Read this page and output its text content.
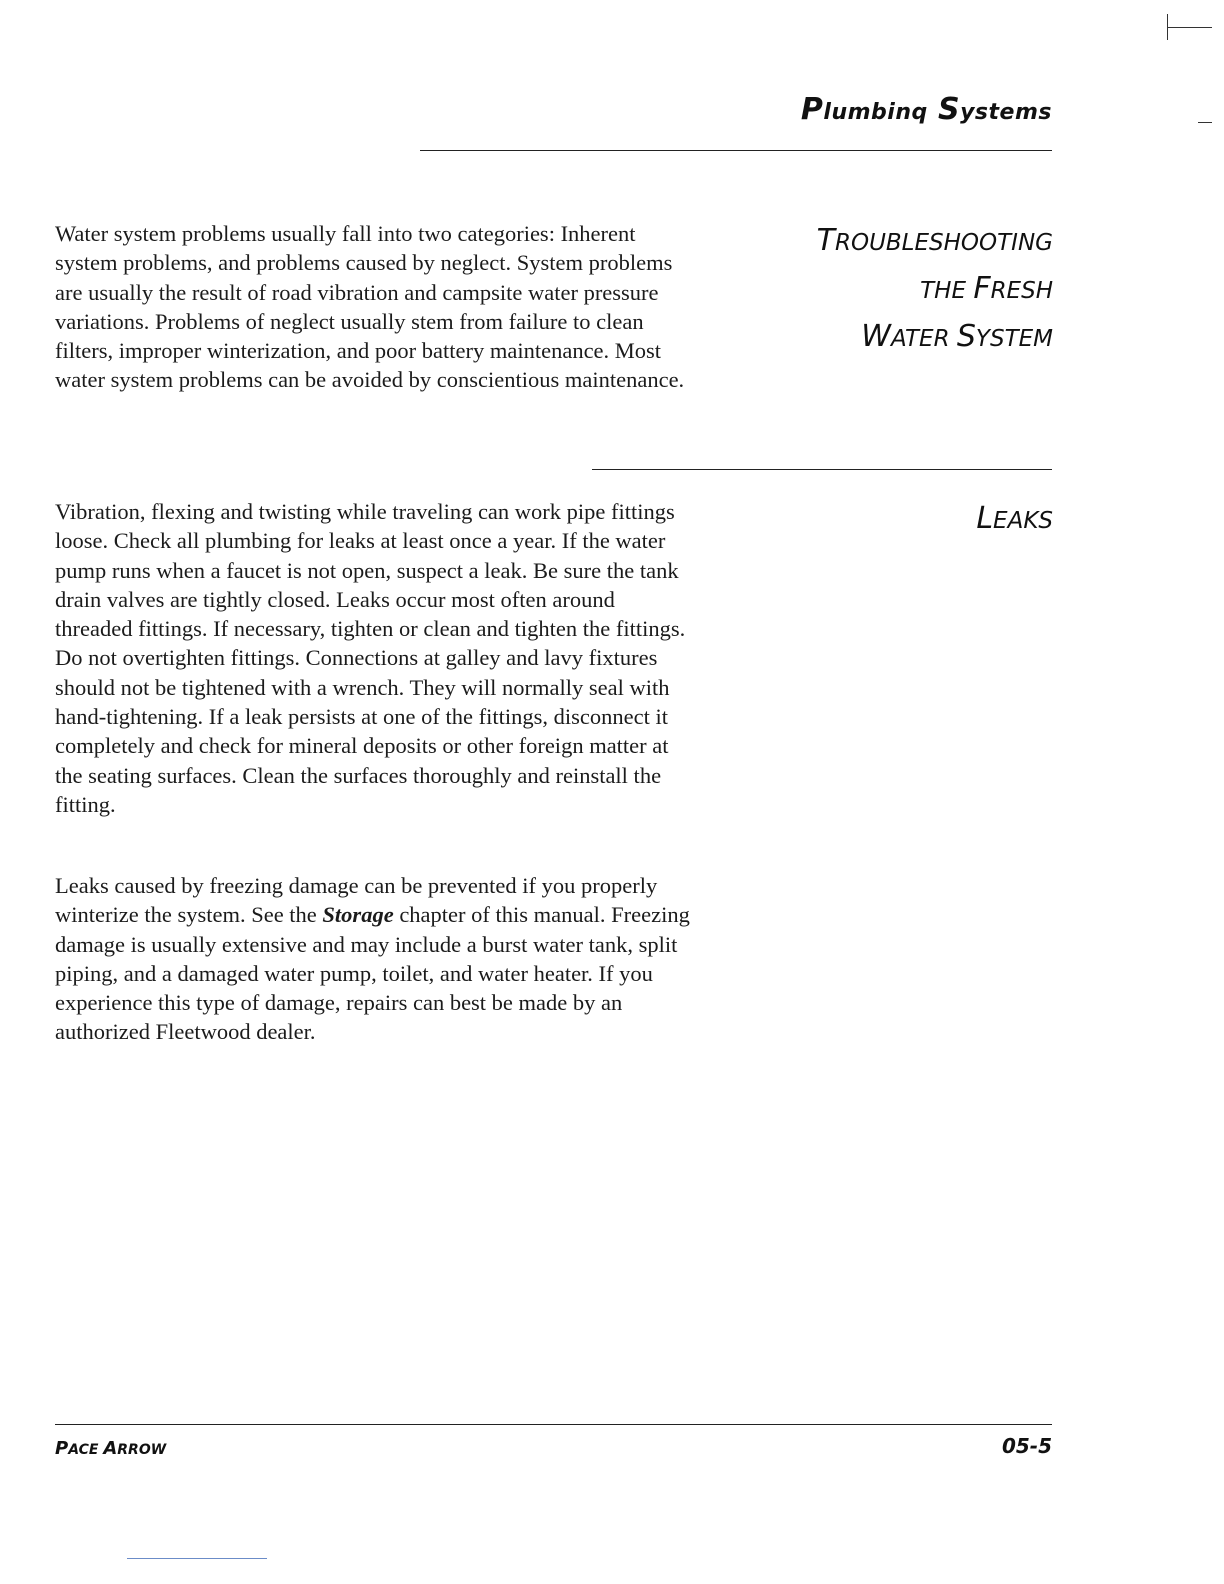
Plumbinq Systems
TROUBLESHOOTING
THE FRESH
WATER SYSTEM

Water system problems usually fall into two categories: Inherent system problems, and problems caused by neglect. System problems are usually the result of road vibration and campsite water pressure variations. Problems of neglect usually stem from failure to clean filters, improper winterization, and poor battery maintenance. Most water system problems can be avoided by conscientious maintenance.

LEAKS

Vibration, flexing and twisting while traveling can work pipe fittings loose. Check all plumbing for leaks at least once a year. If the water pump runs when a faucet is not open, suspect a leak. Be sure the tank drain valves are tightly closed. Leaks occur most often around threaded fittings. If necessary, tighten or clean and tighten the fittings. Do not overtighten fittings. Connections at galley and lavy fixtures should not be tightened with a wrench. They will normally seal with hand-tightening. If a leak persists at one of the fittings, disconnect it completely and check for mineral deposits or other foreign matter at the seating surfaces. Clean the surfaces thoroughly and reinstall the fitting.

Leaks caused by freezing damage can be prevented if you properly winterize the system. See the Storage chapter of this manual. Freezing damage is usually extensive and may include a burst water tank, split piping, and a damaged water pump, toilet, and water heater. If you experience this type of damage, repairs can best be made by an authorized Fleetwood dealer.

PACE ARROW	05-5
